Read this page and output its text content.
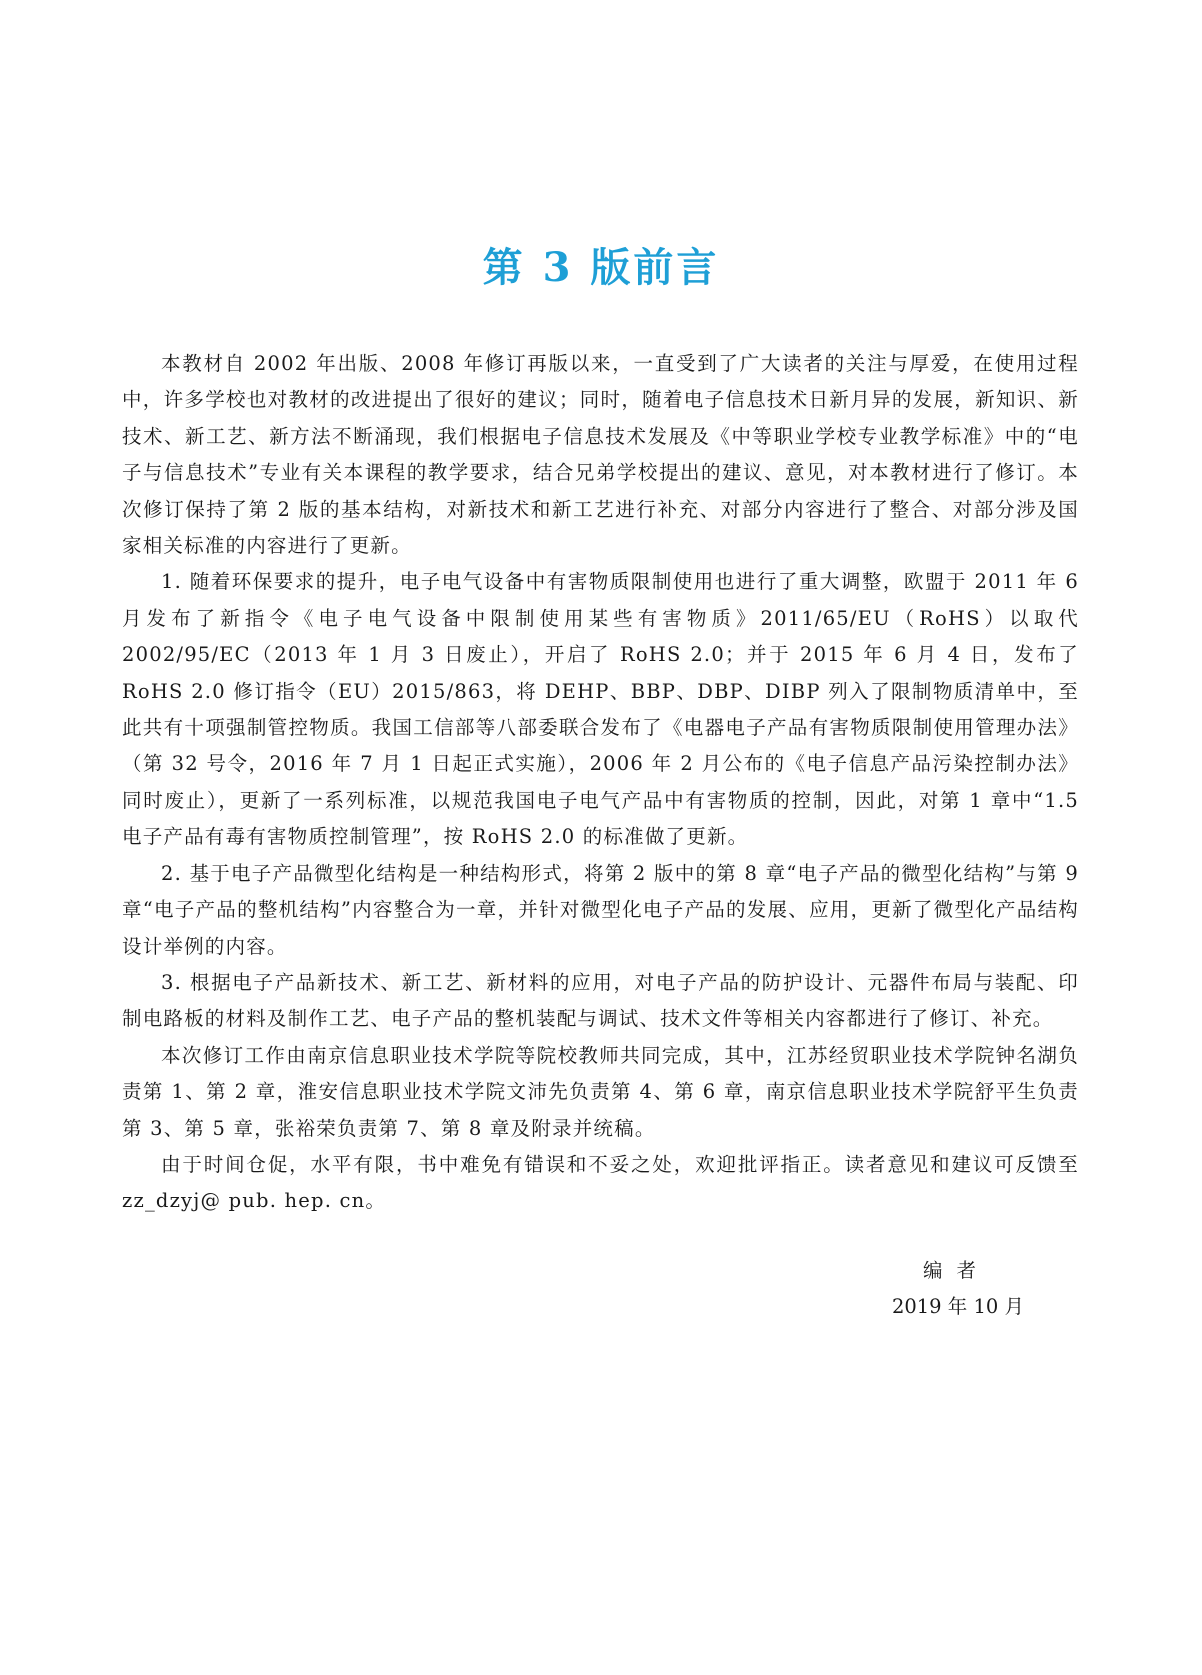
第 3 版前言

本教材自 2002 年出版、2008 年修订再版以来，一直受到了广大读者的关注与厚爱，在使用过程中，许多学校也对教材的改进提出了很好的建议；同时，随着电子信息技术日新月异的发展，新知识、新技术、新工艺、新方法不断涌现，我们根据电子信息技术发展及《中等职业学校专业教学标准》中的“电子与信息技术”专业有关本课程的教学要求，结合兄弟学校提出的建议、意见，对本教材进行了修订。本次修订保持了第 2 版的基本结构，对新技术和新工艺进行补充、对部分内容进行了整合、对部分涉及国家相关标准的内容进行了更新。

1. 随着环保要求的提升，电子电气设备中有害物质限制使用也进行了重大调整，欧盟于 2011 年 6 月发布了新指令《电子电气设备中限制使用某些有害物质》2011/65/EU（RoHS）以取代 2002/95/EC（2013 年 1 月 3 日废止），开启了 RoHS 2.0；并于 2015 年 6 月 4 日，发布了 RoHS 2.0 修订指令（EU）2015/863，将 DEHP、BBP、DBP、DIBP 列入了限制物质清单中，至此共有十项强制管控物质。我国工信部等八部委联合发布了《电器电子产品有害物质限制使用管理办法》（第 32 号令，2016 年 7 月 1 日起正式实施），2006 年 2 月公布的《电子信息产品污染控制办法》同时废止），更新了一系列标准，以规范我国电子电气产品中有害物质的控制，因此，对第 1 章中“1.5 电子产品有毒有害物质控制管理”，按 RoHS 2.0 的标准做了更新。

2. 基于电子产品微型化结构是一种结构形式，将第 2 版中的第 8 章“电子产品的微型化结构”与第 9 章“电子产品的整机结构”内容整合为一章，并针对微型化电子产品的发展、应用，更新了微型化产品结构设计举例的内容。

3. 根据电子产品新技术、新工艺、新材料的应用，对电子产品的防护设计、元器件布局与装配、印制电路板的材料及制作工艺、电子产品的整机装配与调试、技术文件等相关内容都进行了修订、补充。

本次修订工作由南京信息职业技术学院等院校教师共同完成，其中，江苏经贸职业技术学院钟名湖负责第 1、第 2 章，淮安信息职业技术学院文沛先负责第 4、第 6 章，南京信息职业技术学院舒平生负责第 3、第 5 章，张裕荣负责第 7、第 8 章及附录并统稿。

由于时间仓促，水平有限，书中难免有错误和不妥之处，欢迎批评指正。读者意见和建议可反馈至 zz_dzyj@ pub. hep. cn。

编者
2019 年 10 月
